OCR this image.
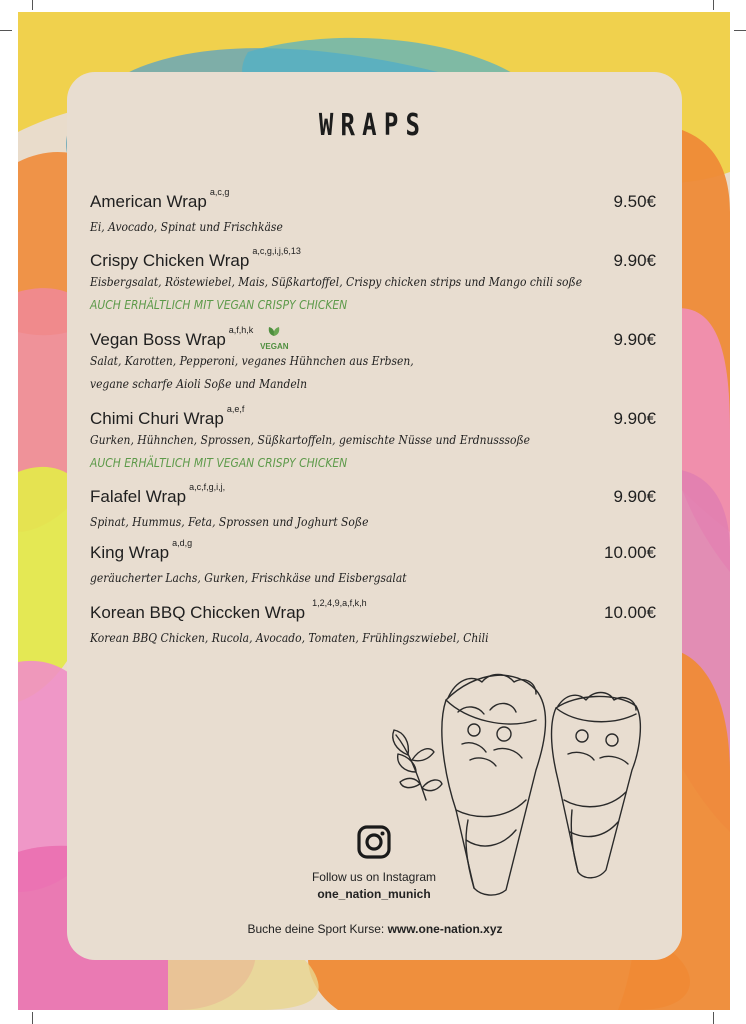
WRAPS
American Wrap $^{a,c,g}$	9.50€
Ei, Avocado, Spinat und Frischkäse
Crispy Chicken Wrap $^{a,c,g,i,j,6,13}$	9.90€
Eisbergsalat, Röstewiebel, Mais, Süßkartoffel, Crispy chicken strips und Mango chili soße
AUCH ERHÄLTLICH MIT VEGAN CRISPY CHICKEN
Vegan Boss Wrap $^{a,f,h,k}$
VEGAN	9.90€
Salat, Karotten, Pepperoni, veganes Hühnchen aus Erbsen,
vegane scharfe Aioli Soße und Mandeln
Chimi Churi Wrap $^{a,e,f}$	9.90€
Gurken, Hühnchen, Sprossen, Süßkartoffeln, gemischte Nüsse und Erdnusssoße
AUCH ERHÄLTLICH MIT VEGAN CRISPY CHICKEN
Falafel Wrap $^{a,c,f,g,i,j,}$	9.90€
Spinat, Hummus, Feta, Sprossen und Joghurt Soße
King Wrap $^{a,d,g}$	10.00€
geräucherter Lachs, Gurken, Frischkäse und Eisbergsalat
Korean BBQ Chiccken Wrap $^{1,2,4,9,a,f,k,h}$	10.00€
Korean BBQ Chicken, Rucola, Avocado, Tomaten, Frühlingszwiebel, Chili
Follow us on Instagram
one_nation_munich
Buche deine Sport Kurse: www.one-nation.xyz
